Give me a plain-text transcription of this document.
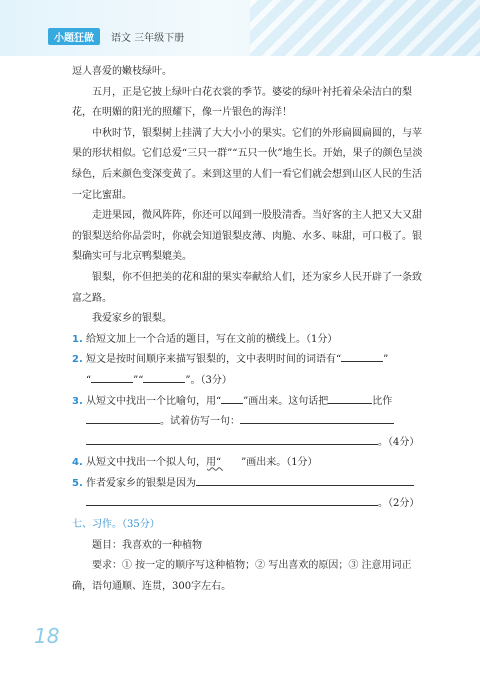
小题狂做	语文 三年级下册

逗人喜爱的嫩枝绿叶。

五月，正是它披上绿叶白花衣裳的季节。婆娑的绿叶衬托着朵朵洁白的梨花，在明媚的阳光的照耀下，像一片银色的海洋！

中秋时节，银梨树上挂满了大大小小的果实。它们的外形扁圆扁圆的，与苹果的形状相似。它们总爱“三只一群”“五只一伙”地生长。开始，果子的颜色呈淡绿色，后来颜色变深变黄了。来到这里的人们一看它们就会想到山区人民的生活一定比蜜甜。

走进果园，微风阵阵，你还可以闻到一股股清香。当好客的主人把又大又甜的银梨送给你品尝时，你就会知道银梨皮薄、肉脆、水多、味甜，可口极了。银梨确实可与北京鸭梨媲美。

银梨，你不但把美的花和甜的果实奉献给人们，还为家乡人民开辟了一条致富之路。

我爱家乡的银梨。

1. 给短文加上一个合适的题目，写在文前的横线上。（1分）

2. 短文是按时间顺序来描写银梨的，文中表明时间的词语有“	”
“	”“	”。（3分）

3. 从短文中找出一个比喻句，用“ ”画出来。这句话把	比作
。试着仿写一句：
。（4分）

4. 从短文中找出一个拟人句，用“ ”画出来。（1分）

5. 作者爱家乡的银梨是因为
。（2分）

七、习作。（35分）

题目：我喜欢的一种植物

要求：① 按一定的顺序写这种植物；② 写出喜欢的原因；③ 注意用词正确，语句通顺、连贯，300字左右。

18
